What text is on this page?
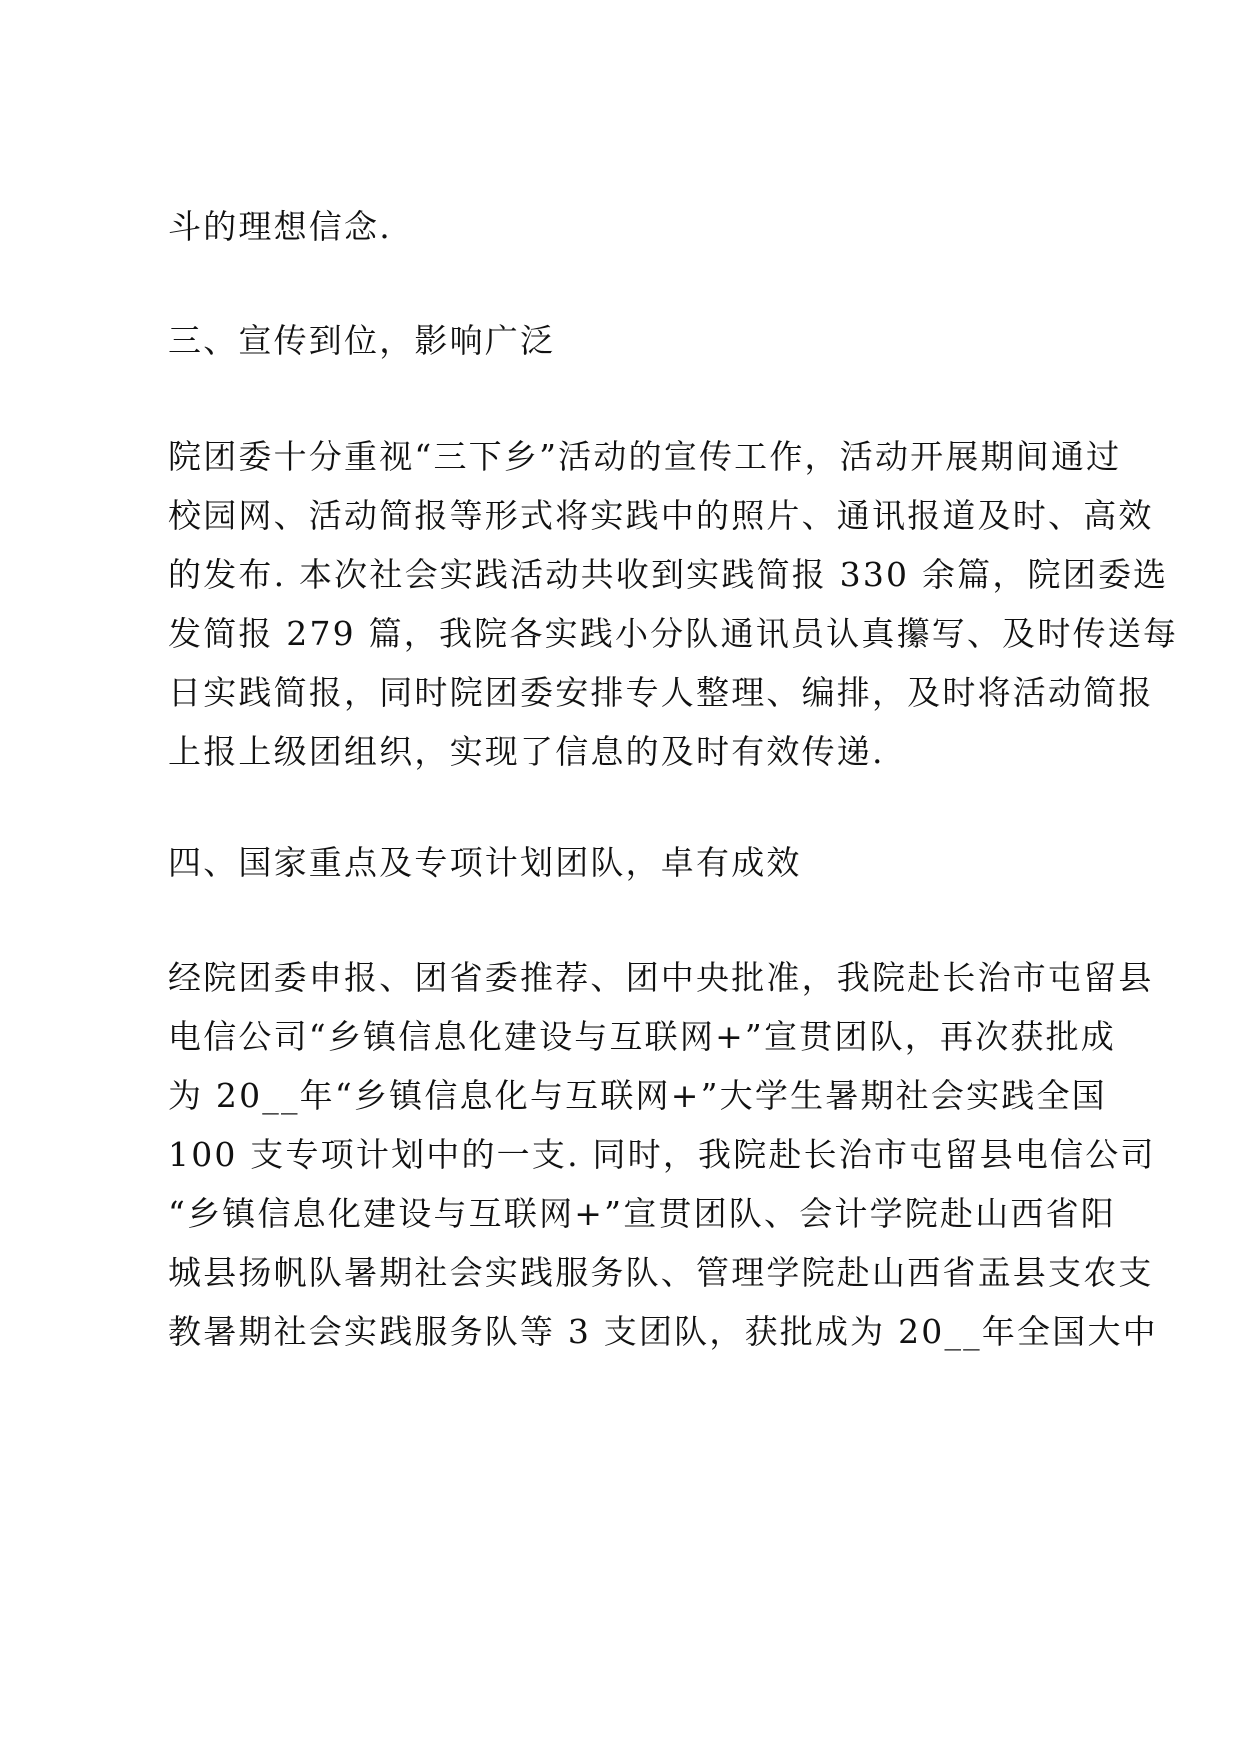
斗的理想信念.

三、宣传到位，影响广泛

院团委十分重视“三下乡”活动的宣传工作，活动开展期间通过

校园网、活动简报等形式将实践中的照片、通讯报道及时、高效

的发布. 本次社会实践活动共收到实践简报 330 余篇，院团委选

发简报 279 篇，我院各实践小分队通讯员认真攥写、及时传送每

日实践简报，同时院团委安排专人整理、编排，及时将活动简报

上报上级团组织，实现了信息的及时有效传递.

四、国家重点及专项计划团队，卓有成效

经院团委申报、团省委推荐、团中央批准，我院赴长治市屯留县

电信公司“乡镇信息化建设与互联网+”宣贯团队，再次获批成

为 20__年“乡镇信息化与互联网+”大学生暑期社会实践全国

100 支专项计划中的一支. 同时，我院赴长治市屯留县电信公司

“乡镇信息化建设与互联网+”宣贯团队、会计学院赴山西省阳

城县扬帆队暑期社会实践服务队、管理学院赴山西省盂县支农支

教暑期社会实践服务队等 3 支团队，获批成为 20__年全国大中
